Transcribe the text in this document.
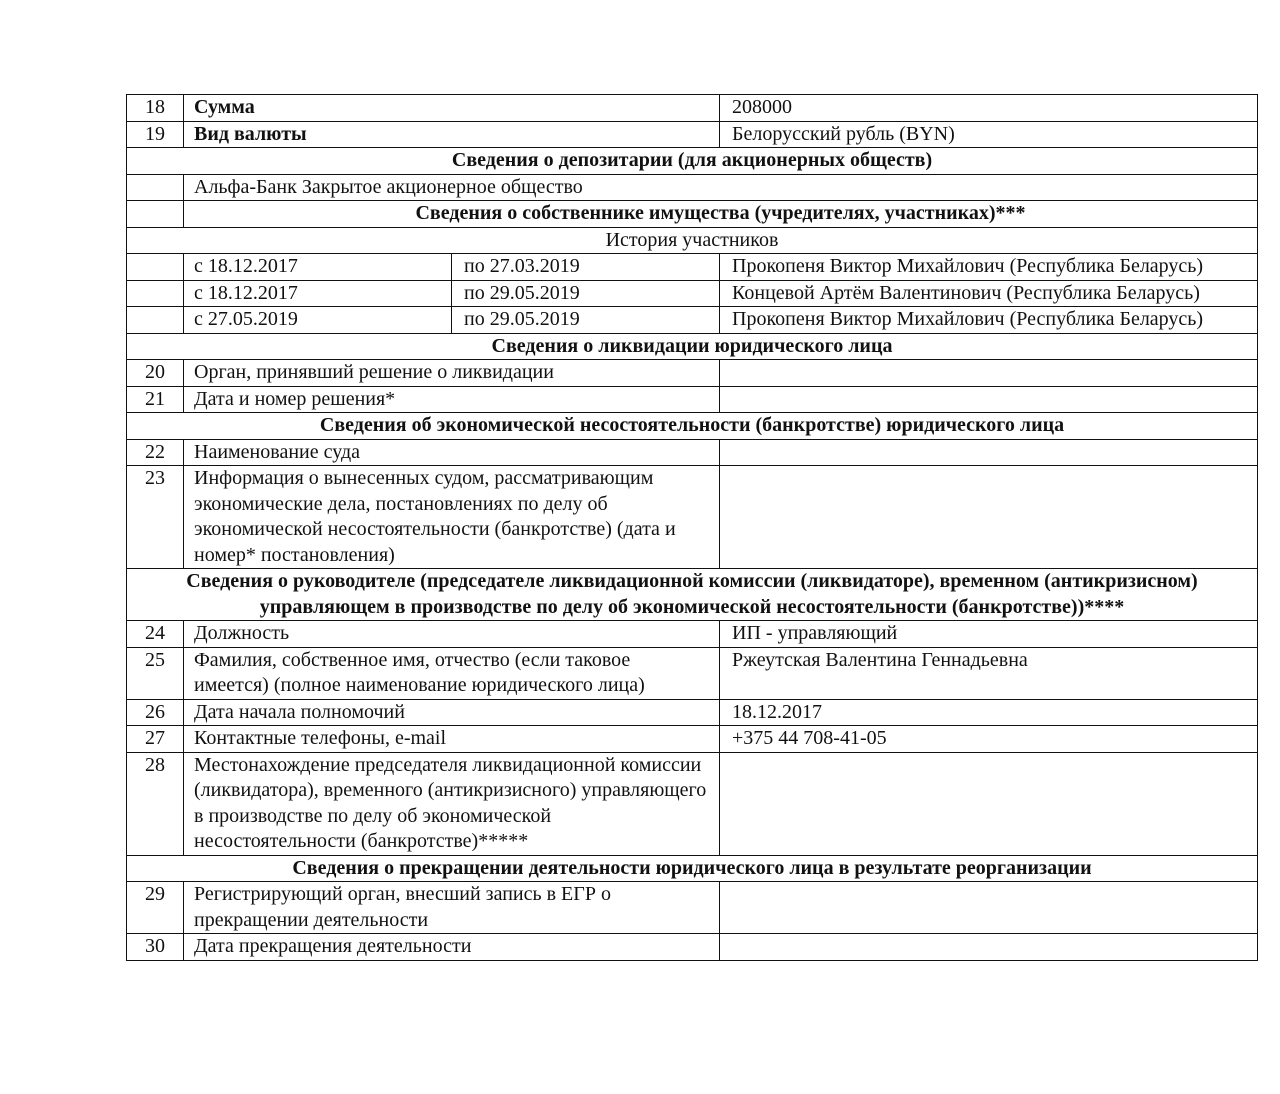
18	Сумма		208000
19	Вид валюты		Белорусский рубль (BYN)
Сведения о депозитарии (для акционерных обществ)			
	Альфа-Банк Закрытое акционерное общество		
	Сведения о собственнике имущества (учредителях, участниках)***		
История участников			
	с 18.12.2017	по 27.03.2019	Прокопеня Виктор Михайлович (Республика Беларусь)
	с 18.12.2017	по 29.05.2019	Концевой Артём Валентинович (Республика Беларусь)
	с 27.05.2019	по 29.05.2019	Прокопеня Виктор Михайлович (Республика Беларусь)
Сведения о ликвидации юридического лица			
20	Орган, принявший решение о ликвидации		
21	Дата и номер решения*		
Сведения об экономической несостоятельности (банкротстве) юридического лица			
22	Наименование суда		
23	Информация о вынесенных судом, рассматривающим экономические дела, постановлениях по делу об экономической несостоятельности (банкротстве) (дата и номер* постановления)		
Сведения о руководителе (председателе ликвидационной комиссии (ликвидаторе), временном (антикризисном) управляющем в производстве по делу об экономической несостоятельности (банкротстве))****			
24	Должность		ИП - управляющий
25	Фамилия, собственное имя, отчество (если таковое имеется) (полное наименование юридического лица)		Ржеутская Валентина Геннадьевна
26	Дата начала полномочий		18.12.2017
27	Контактные телефоны, e-mail		+375 44 708-41-05
28	Местонахождение председателя ликвидационной комиссии (ликвидатора), временного (антикризисного) управляющего в производстве по делу об экономической несостоятельности (банкротстве)*****		
Сведения о прекращении деятельности юридического лица в результате реорганизации			
29	Регистрирующий орган, внесший запись в ЕГР о прекращении деятельности		
30	Дата прекращения деятельности		
